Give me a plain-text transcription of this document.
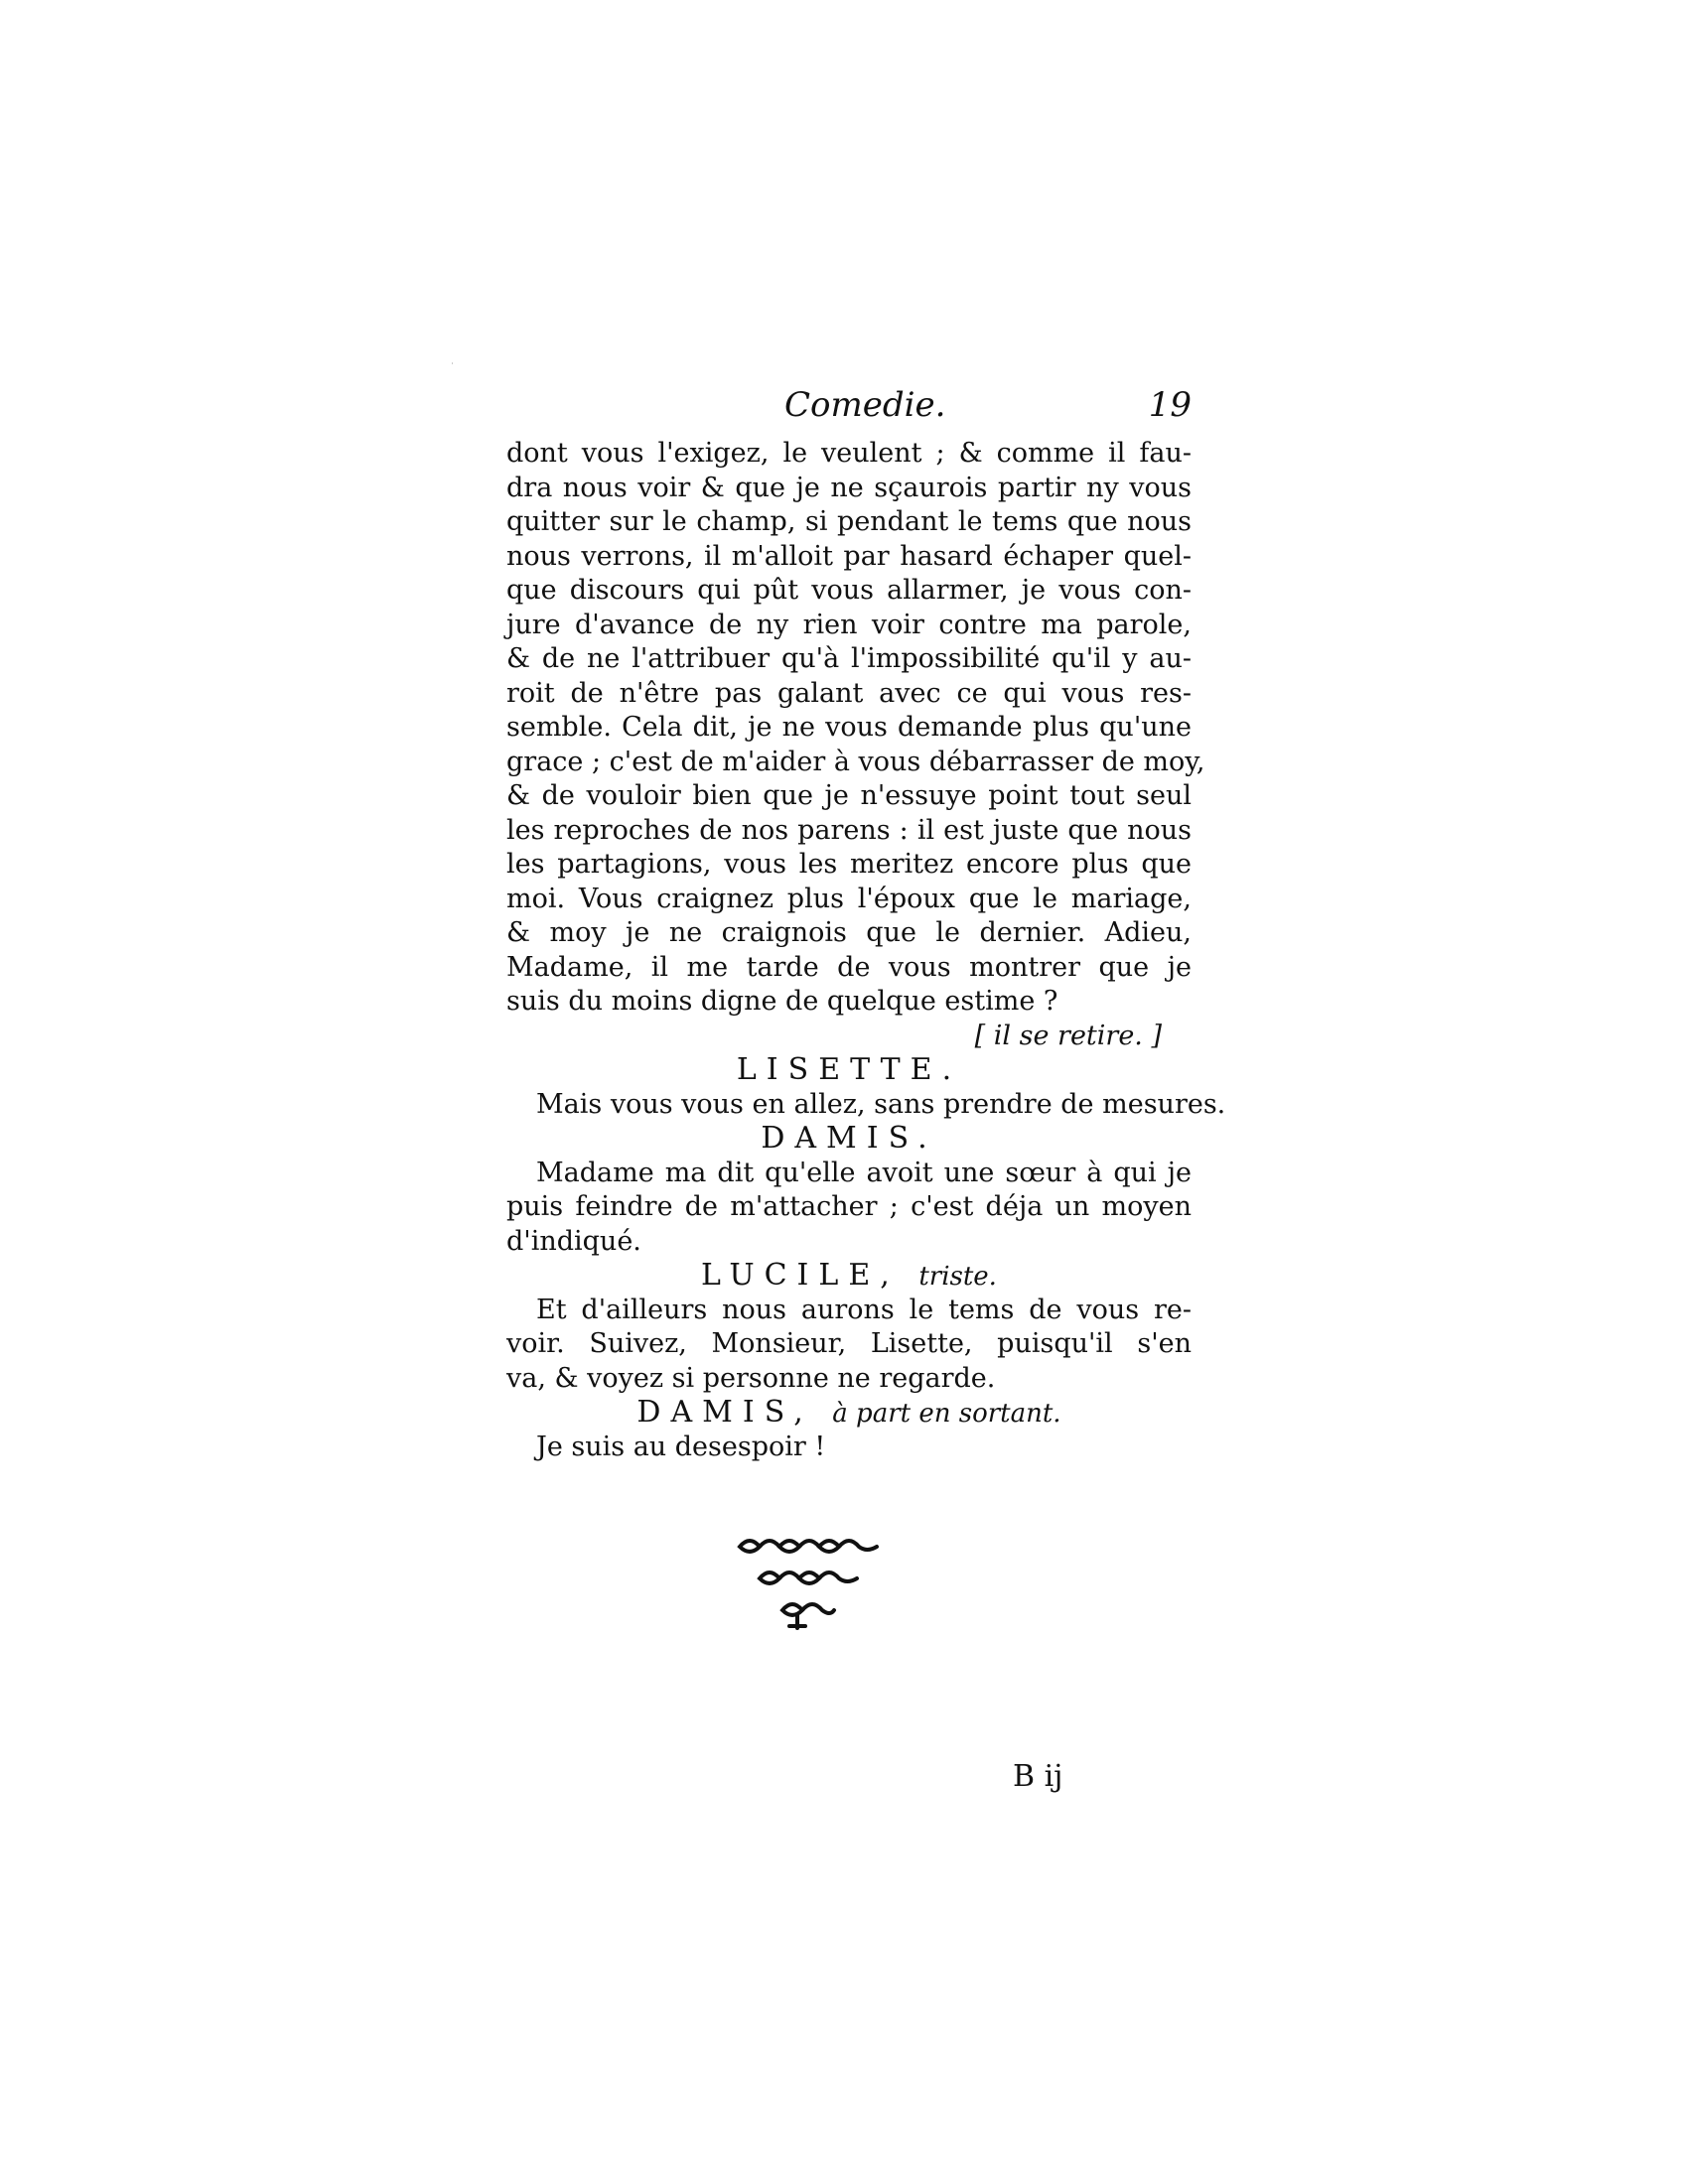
Comedie.	19
dont vous l'exigez, le veulent ; & comme il fau-
dra nous voir & que je ne sçaurois partir ny vous
quitter sur le champ, si pendant le tems que nous
nous verrons, il m'alloit par hasard échaper quel-
que discours qui pût vous allarmer, je vous con-
jure d'avance de ny rien voir contre ma parole,
& de ne l'attribuer qu'à l'impossibilité qu'il y au-
roit de n'être pas galant avec ce qui vous res-
semble. Cela dit, je ne vous demande plus qu'une
grace ; c'est de m'aider à vous débarrasser de moy,
& de vouloir bien que je n'essuye point tout seul
les reproches de nos parens : il est juste que nous
les partagions, vous les meritez encore plus que
moi. Vous craignez plus l'époux que le mariage,
& moy je ne craignois que le dernier. Adieu,
Madame, il me tarde de vous montrer que je
suis du moins digne de quelque estime ?
[ il se retire. ]
LISETTE.
Mais vous vous en allez, sans prendre de mesures.
DAMIS.
Madame ma dit qu'elle avoit une sœur à qui je
puis feindre de m'attacher ; c'est déja un moyen
d'indiqué.
LUCILE, triste.
Et d'ailleurs nous aurons le tems de vous re-
voir. Suivez, Monsieur, Lisette, puisqu'il s'en
va, & voyez si personne ne regarde.
DAMIS, à part en sortant.
Je suis au desespoir !
B ij
